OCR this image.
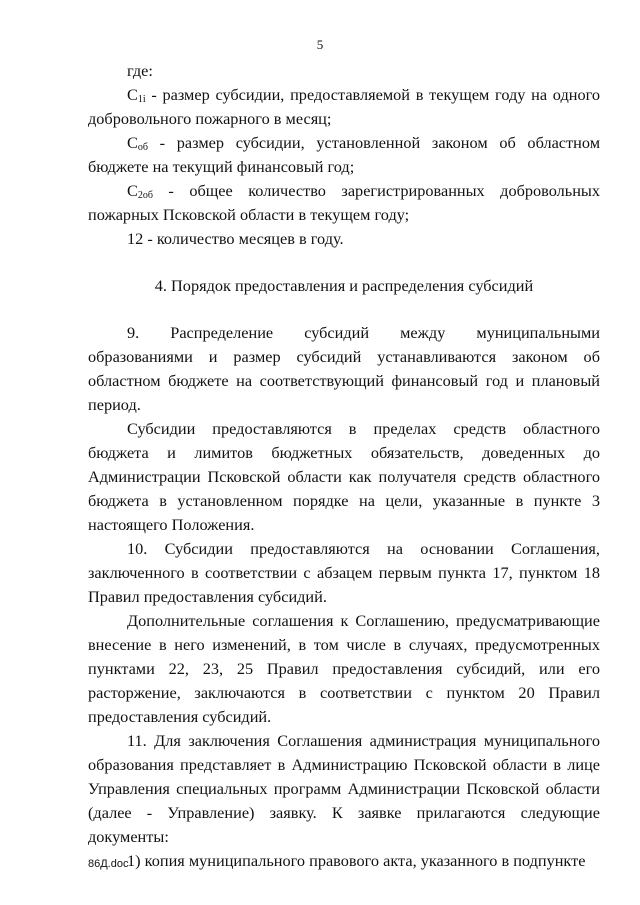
5

где:

$С_{1i}$ - размер субсидии, предоставляемой в текущем году на одного добровольного пожарного в месяц;

$С_{об}$ - размер субсидии, установленной законом об областном бюджете на текущий финансовый год;

$С_{2об}$ - общее количество зарегистрированных добровольных пожарных Псковской области в текущем году;

12 - количество месяцев в году.

4. Порядок предоставления и распределения субсидий

9. Распределение субсидий между муниципальными образованиями и размер субсидий устанавливаются законом об областном бюджете на соответствующий финансовый год и плановый период.

Субсидии предоставляются в пределах средств областного бюджета и лимитов бюджетных обязательств, доведенных до Администрации Псковской области как получателя средств областного бюджета в установленном порядке на цели, указанные в пункте 3 настоящего Положения.

10. Субсидии предоставляются на основании Соглашения, заключенного в соответствии с абзацем первым пункта 17, пунктом 18 Правил предоставления субсидий.

Дополнительные соглашения к Соглашению, предусматривающие внесение в него изменений, в том числе в случаях, предусмотренных пунктами 22, 23, 25 Правил предоставления субсидий, или его расторжение, заключаются в соответствии с пунктом 20 Правил предоставления субсидий.

11. Для заключения Соглашения администрация муниципального образования представляет в Администрацию Псковской области в лице Управления специальных программ Администрации Псковской области (далее - Управление) заявку. К заявке прилагаются следующие документы:

1) копия муниципального правового акта, указанного в подпункте

86Д.doc
